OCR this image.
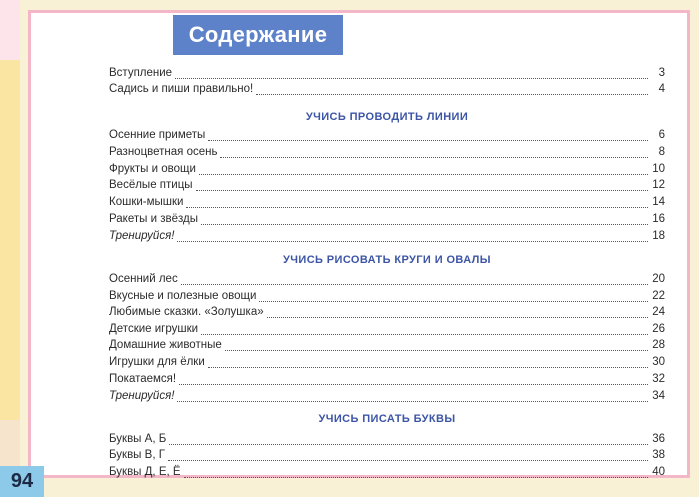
Содержание
Вступление	3
Садись и пиши правильно!	4
УЧИСЬ ПРОВОДИТЬ ЛИНИИ
Осенние приметы	6
Разноцветная осень	8
Фрукты и овощи	10
Весёлые птицы	12
Кошки-мышки	14
Ракеты и звёзды	16
Тренируйся!	18
УЧИСЬ РИСОВАТЬ КРУГИ И ОВАЛЫ
Осенний лес	20
Вкусные и полезные овощи	22
Любимые сказки. «Золушка»	24
Детские игрушки	26
Домашние животные	28
Игрушки для ёлки	30
Покатаемся!	32
Тренируйся!	34
УЧИСЬ ПИСАТЬ БУКВЫ
Буквы А, Б	36
Буквы В, Г	38
Буквы Д, Е, Ё	40
94
